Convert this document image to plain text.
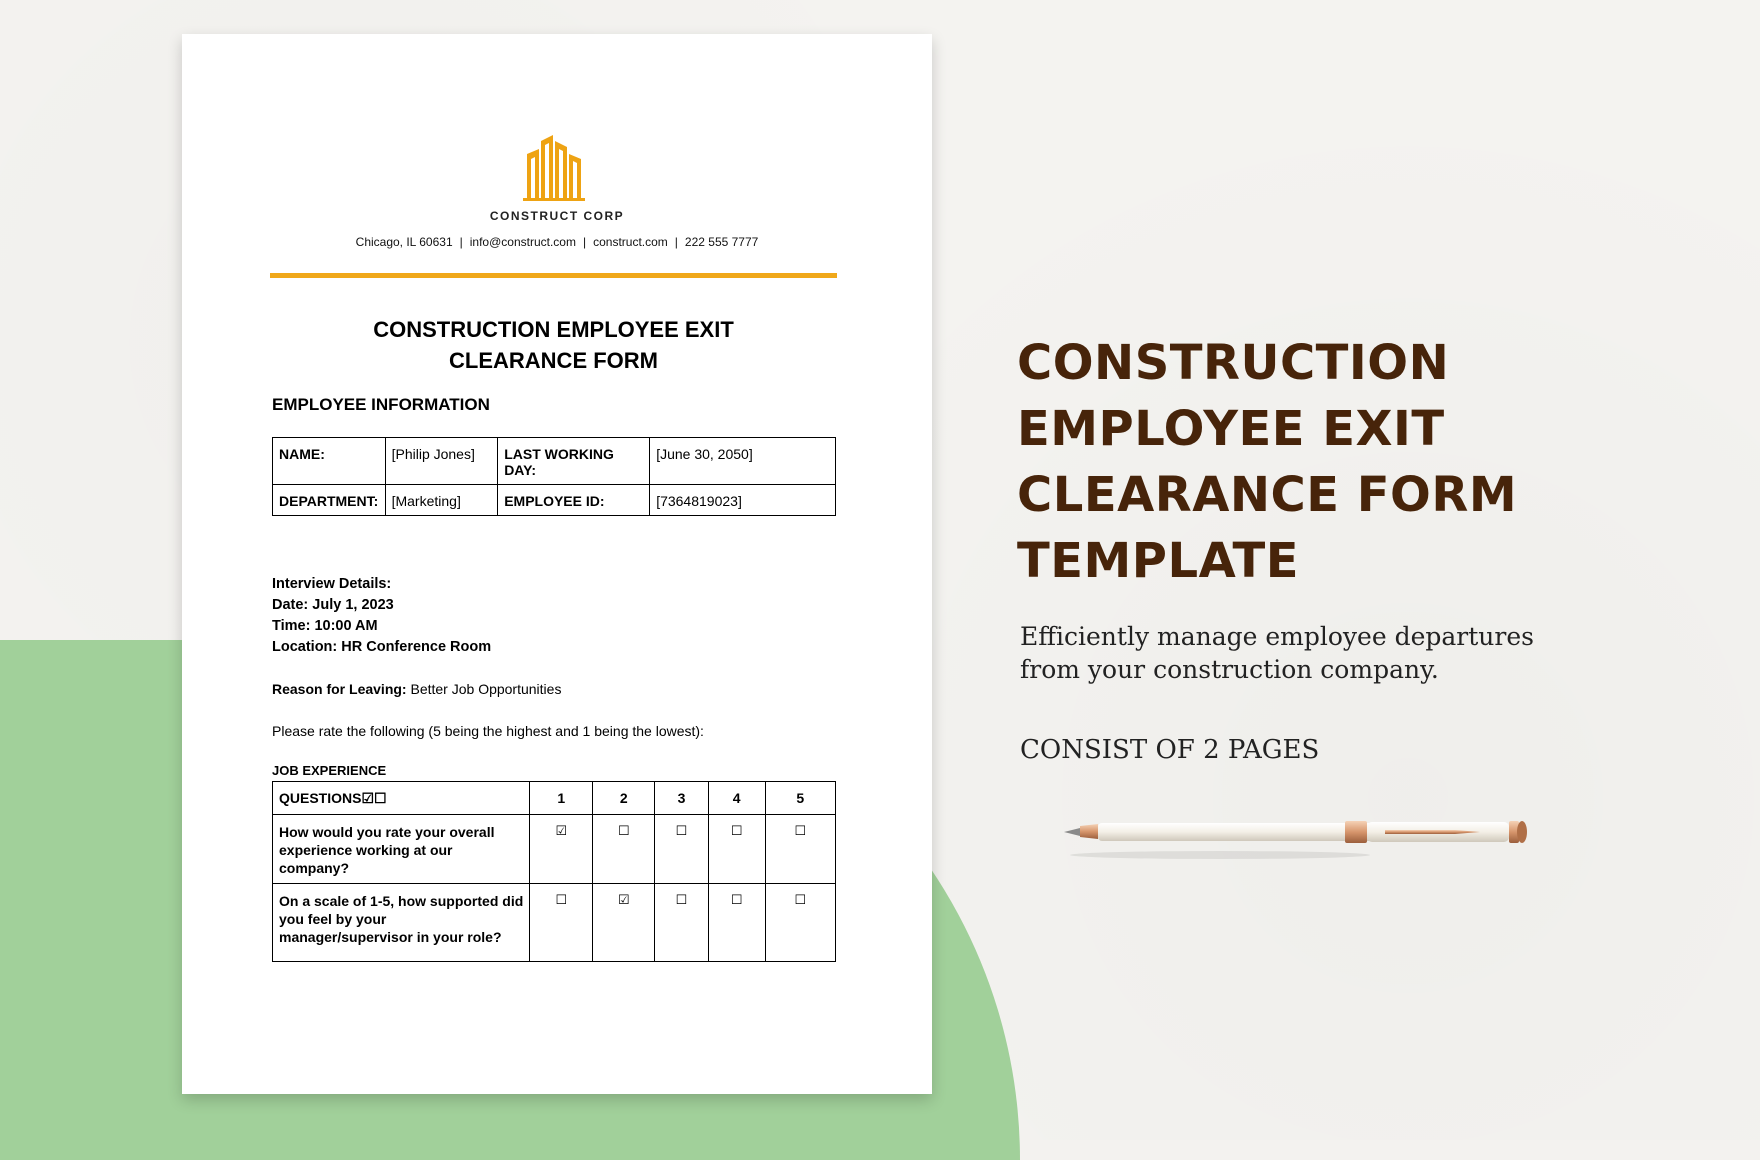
CONSTRUCT CORP
Chicago, IL 60631 | info@construct.com | construct.com | 222 555 7777
CONSTRUCTION EMPLOYEE EXIT
CLEARANCE FORM
EMPLOYEE INFORMATION
NAME:	[Philip Jones]	LAST WORKING DAY:	[June 30, 2050]
DEPARTMENT:	[Marketing]	EMPLOYEE ID:	[7364819023]
Interview Details:
Date: July 1, 2023
Time: 10:00 AM
Location: HR Conference Room
Reason for Leaving: Better Job Opportunities
Please rate the following (5 being the highest and 1 being the lowest):
JOB EXPERIENCE
QUESTIONS☑☐	1	2	3	4	5
How would you rate your overall experience working at our company?	☑	☐	☐	☐	☐
On a scale of 1-5, how supported did you feel by your manager/supervisor in your role?	☐	☑	☐	☐	☐
CONSTRUCTION
EMPLOYEE EXIT
CLEARANCE FORM
TEMPLATE
Efficiently manage employee departures from your construction company.
CONSIST OF 2 PAGES
